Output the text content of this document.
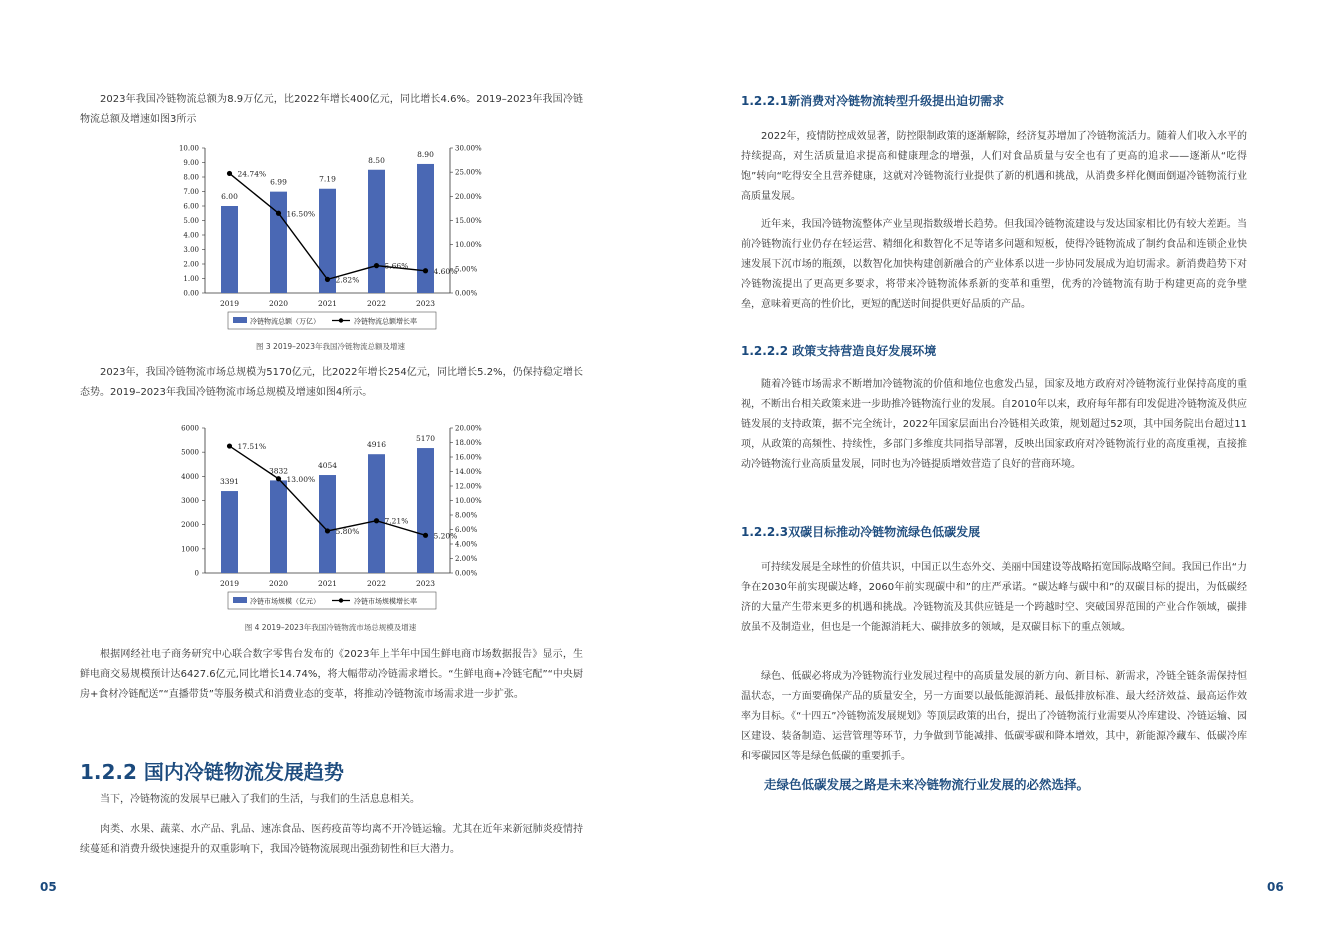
2023年我国冷链物流总额为8.9万亿元，比2022年增长400亿元，同比增长4.6%。2019–2023年我国冷链物流总额及增速如图3所示

0.00
1.00
2.00
3.00
4.00
5.00
6.00
7.00
8.00
9.00
10.00
0.00%
5.00%
10.00%
15.00%
20.00%
25.00%
30.00%
6.00
6.99	7.19
8.50
8.90
2019	2020	2021	2022	2023
24.74%
16.50%
2.82%
5.66%
4.60%
冷链物流总额（万亿）	冷链物流总额增长率
图 3 2019–2023年我国冷链物流总额及增速

2023年，我国冷链物流市场总规模为5170亿元，比2022年增长254亿元，同比增长5.2%，仍保持稳定增长态势。2019–2023年我国冷链物流市场总规模及增速如图4所示。

0
1000
2000
3000
4000
5000
6000
0.00%
2.00%
4.00%
6.00%
8.00%
10.00%
12.00%
14.00%
16.00%
18.00%
20.00%
3391
3832
4054
4916
5170
2019	2020	2021	2022	2023
17.51%
13.00%
5.80%
7.21%
5.20%
冷链市场规模（亿元）	冷链市场规模增长率
图 4 2019–2023年我国冷链物流市场总规模及增速

根据网经社电子商务研究中心联合数字零售台发布的《2023年上半年中国生鲜电商市场数据报告》显示，生鲜电商交易规模预计达6427.6亿元,同比增长14.74%，将大幅带动冷链需求增长。“生鲜电商+冷链宅配”“中央厨房+食材冷链配送”“直播带货”等服务模式和消费业态的变革，将推动冷链物流市场需求进一步扩张。

1.2.2 国内冷链物流发展趋势

当下，冷链物流的发展早已融入了我们的生活，与我们的生活息息相关。

肉类、水果、蔬菜、水产品、乳品、速冻食品、医药疫苗等均离不开冷链运输。尤其在近年来新冠肺炎疫情持续蔓延和消费升级快速提升的双重影响下，我国冷链物流展现出强劲韧性和巨大潜力。

05
1.2.2.1新消费对冷链物流转型升级提出迫切需求

2022年，疫情防控成效显著，防控限制政策的逐渐解除，经济复苏增加了冷链物流活力。随着人们收入水平的持续提高，对生活质量追求提高和健康理念的增强，人们对食品质量与安全也有了更高的追求——逐渐从“吃得饱”转向“吃得安全且营养健康，这就对冷链物流行业提供了新的机遇和挑战，从消费多样化侧面倒逼冷链物流行业高质量发展。

近年来，我国冷链物流整体产业呈现指数级增长趋势。但我国冷链物流建设与发达国家相比仍有较大差距。当前冷链物流行业仍存在轻运营、精细化和数智化不足等诸多问题和短板，使得冷链物流成了制约食品和连锁企业快速发展下沉市场的瓶颈，以数智化加快构建创新融合的产业体系以进一步协同发展成为迫切需求。新消费趋势下对冷链物流提出了更高更多要求，将带来冷链物流体系新的变革和重塑，优秀的冷链物流有助于构建更高的竞争壁垒，意味着更高的性价比，更短的配送时间提供更好品质的产品。

1.2.2.2 政策支持营造良好发展环境

随着冷链市场需求不断增加冷链物流的价值和地位也愈发凸显，国家及地方政府对冷链物流行业保持高度的重视，不断出台相关政策来进一步助推冷链物流行业的发展。自2010年以来，政府每年都有印发促进冷链物流及供应链发展的支持政策，据不完全统计，2022年国家层面出台冷链相关政策，规划超过52项，其中国务院出台超过11项，从政策的高频性、持续性，多部门多维度共同指导部署，反映出国家政府对冷链物流行业的高度重视，直接推动冷链物流行业高质量发展，同时也为冷链提质增效营造了良好的营商环境。

1.2.2.3双碳目标推动冷链物流绿色低碳发展

可持续发展是全球性的价值共识，中国正以生态外交、美丽中国建设等战略拓宽国际战略空间。我国已作出“力争在2030年前实现碳达峰，2060年前实现碳中和”的庄严承诺。“碳达峰与碳中和”的双碳目标的提出，为低碳经济的大量产生带来更多的机遇和挑战。冷链物流及其供应链是一个跨越时空、突破国界范围的产业合作领域，碳排放虽不及制造业，但也是一个能源消耗大、碳排放多的领域，是双碳目标下的重点领域。

绿色、低碳必将成为冷链物流行业发展过程中的高质量发展的新方向、新目标、新需求，冷链全链条需保持恒温状态，一方面要确保产品的质量安全，另一方面要以最低能源消耗、最低排放标准、最大经济效益、最高运作效率为目标。《“十四五”冷链物流发展规划》等顶层政策的出台，提出了冷链物流行业需要从冷库建设、冷链运输、园区建设、装备制造、运营管理等环节，力争做到节能减排、低碳零碳和降本增效，其中，新能源冷藏车、低碳冷库和零碳园区等是绿色低碳的重要抓手。

走绿色低碳发展之路是未来冷链物流行业发展的必然选择。

06
